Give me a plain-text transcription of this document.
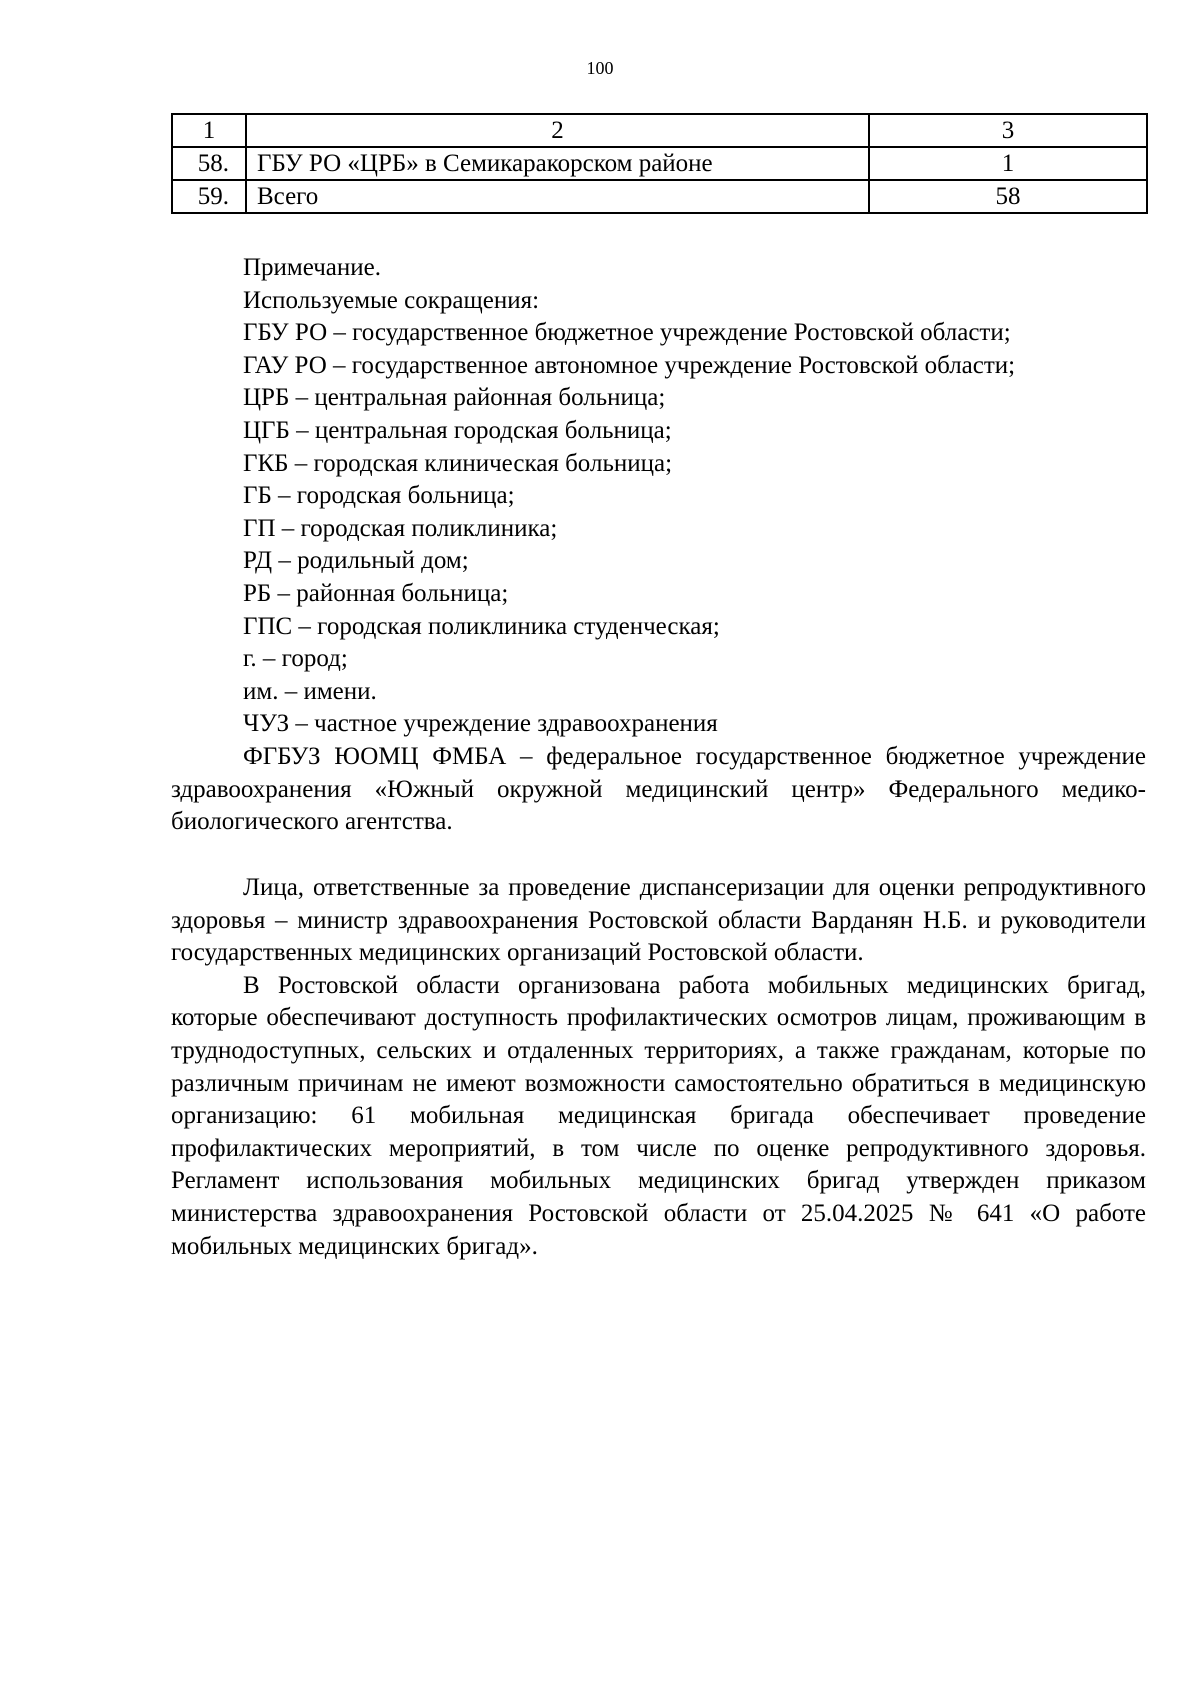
100
1	2	3
58.	ГБУ РО «ЦРБ» в Семикаракорском районе	1
59.	Всего	58

Примечание.

Используемые сокращения:

ГБУ РО – государственное бюджетное учреждение Ростовской области;

ГАУ РО – государственное автономное учреждение Ростовской области;

ЦРБ – центральная районная больница;

ЦГБ – центральная городская больница;

ГКБ – городская клиническая больница;

ГБ – городская больница;

ГП – городская поликлиника;

РД – родильный дом;

РБ – районная больница;

ГПС – городская поликлиника студенческая;

г. – город;

им. – имени.

ЧУЗ – частное учреждение здравоохранения

ФГБУЗ ЮОМЦ ФМБА – федеральное государственное бюджетное учреждение здравоохранения «Южный окружной медицинский центр» Федерального медико-биологического агентства.

Лица, ответственные за проведение диспансеризации для оценки репродуктивного здоровья – министр здравоохранения Ростовской области Варданян Н.Б. и руководители государственных медицинских организаций Ростовской области.

В Ростовской области организована работа мобильных медицинских бригад, которые обеспечивают доступность профилактических осмотров лицам, проживающим в труднодоступных, сельских и отдаленных территориях, а также гражданам, которые по различным причинам не имеют возможности самостоятельно обратиться в медицинскую организацию: 61 мобильная медицинская бригада обеспечивает проведение профилактических мероприятий, в том числе по оценке репродуктивного здоровья. Регламент использования мобильных медицинских бригад утвержден приказом министерства здравоохранения Ростовской области от 25.04.2025 № 641 «О работе мобильных медицинских бригад».
